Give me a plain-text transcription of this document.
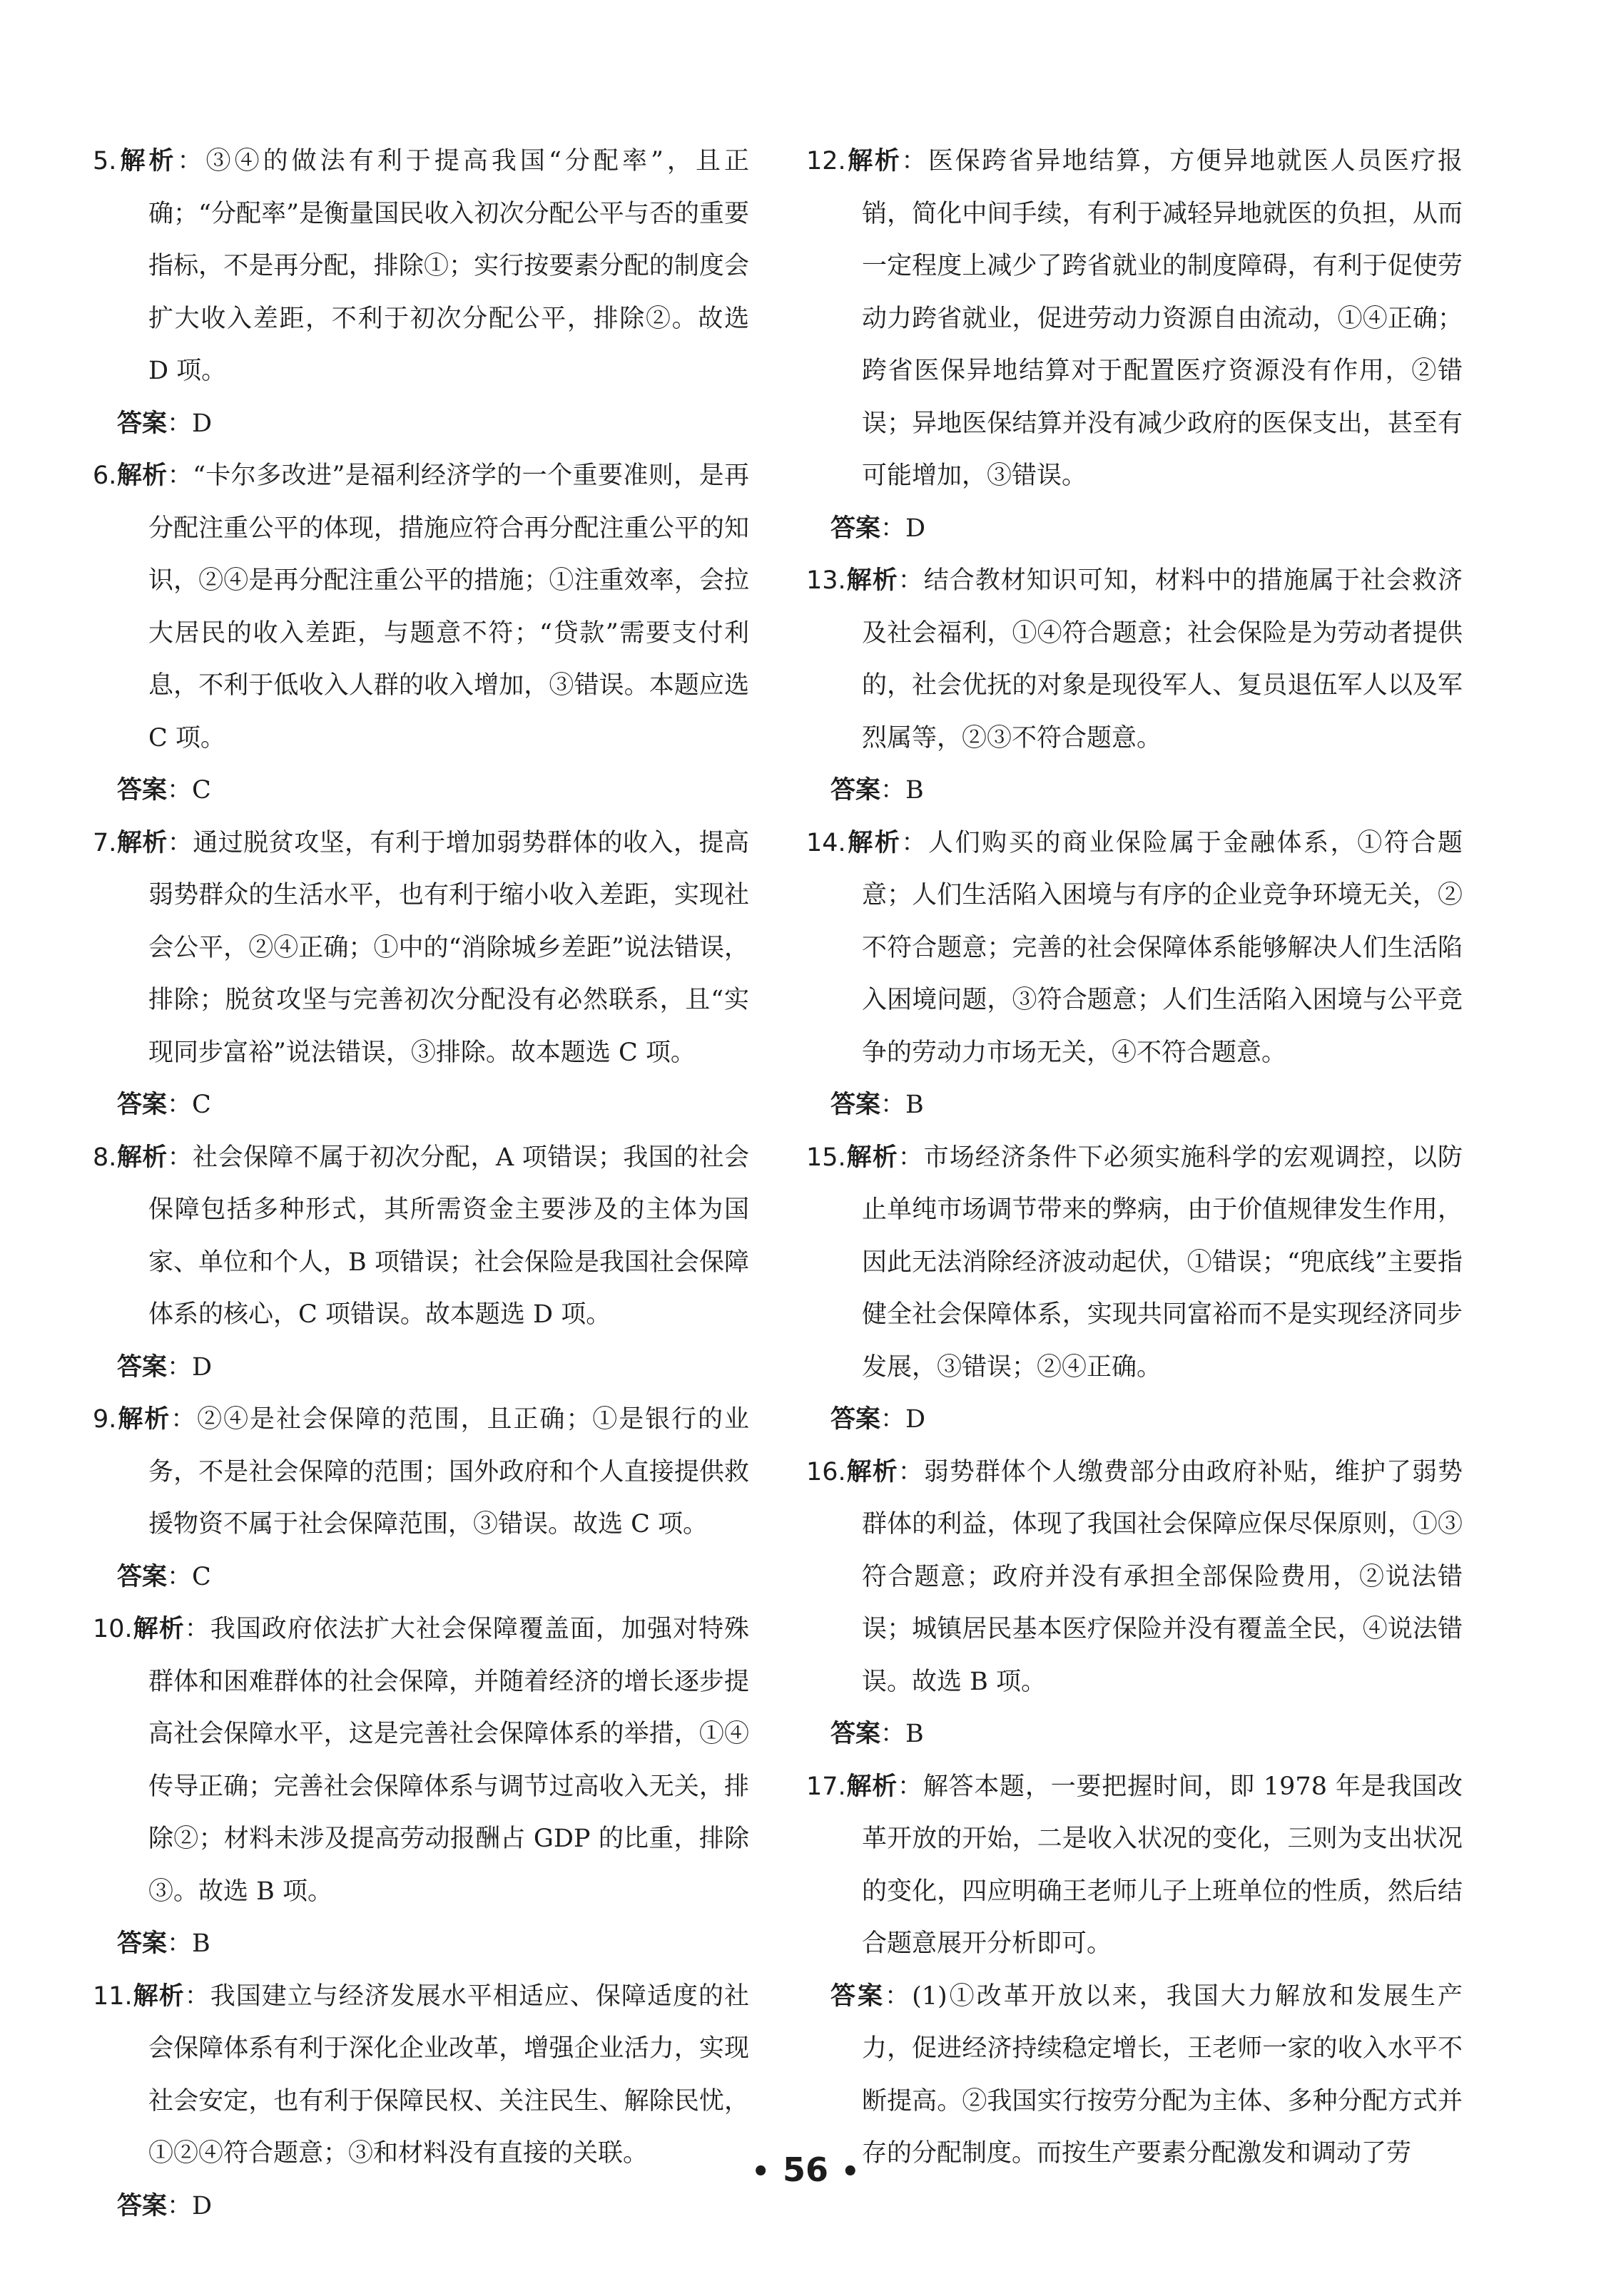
5.解析：③④的做法有利于提高我国“分配率”，且正确；“分配率”是衡量国民收入初次分配公平与否的重要指标，不是再分配，排除①；实行按要素分配的制度会扩大收入差距，不利于初次分配公平，排除②。故选 D 项。

答案：D

6.解析：“卡尔多改进”是福利经济学的一个重要准则，是再分配注重公平的体现，措施应符合再分配注重公平的知识，②④是再分配注重公平的措施；①注重效率，会拉大居民的收入差距，与题意不符；“贷款”需要支付利息，不利于低收入人群的收入增加，③错误。本题应选 C 项。

答案：C

7.解析：通过脱贫攻坚，有利于增加弱势群体的收入，提高弱势群众的生活水平，也有利于缩小收入差距，实现社会公平，②④正确；①中的“消除城乡差距”说法错误，排除；脱贫攻坚与完善初次分配没有必然联系，且“实现同步富裕”说法错误，③排除。故本题选 C 项。

答案：C

8.解析：社会保障不属于初次分配，A 项错误；我国的社会保障包括多种形式，其所需资金主要涉及的主体为国家、单位和个人，B 项错误；社会保险是我国社会保障体系的核心，C 项错误。故本题选 D 项。

答案：D

9.解析：②④是社会保障的范围，且正确；①是银行的业务，不是社会保障的范围；国外政府和个人直接提供救援物资不属于社会保障范围，③错误。故选 C 项。

答案：C

10.解析：我国政府依法扩大社会保障覆盖面，加强对特殊群体和困难群体的社会保障，并随着经济的增长逐步提高社会保障水平，这是完善社会保障体系的举措，①④传导正确；完善社会保障体系与调节过高收入无关，排除②；材料未涉及提高劳动报酬占 GDP 的比重，排除③。故选 B 项。

答案：B

11.解析：我国建立与经济发展水平相适应、保障适度的社会保障体系有利于深化企业改革，增强企业活力，实现社会安定，也有利于保障民权、关注民生、解除民忧，①②④符合题意；③和材料没有直接的关联。

答案：D

12.解析：医保跨省异地结算，方便异地就医人员医疗报销，简化中间手续，有利于减轻异地就医的负担，从而一定程度上减少了跨省就业的制度障碍，有利于促使劳动力跨省就业，促进劳动力资源自由流动，①④正确；跨省医保异地结算对于配置医疗资源没有作用，②错误；异地医保结算并没有减少政府的医保支出，甚至有可能增加，③错误。

答案：D

13.解析：结合教材知识可知，材料中的措施属于社会救济及社会福利，①④符合题意；社会保险是为劳动者提供的，社会优抚的对象是现役军人、复员退伍军人以及军烈属等，②③不符合题意。

答案：B

14.解析：人们购买的商业保险属于金融体系，①符合题意；人们生活陷入困境与有序的企业竞争环境无关，②不符合题意；完善的社会保障体系能够解决人们生活陷入困境问题，③符合题意；人们生活陷入困境与公平竞争的劳动力市场无关，④不符合题意。

答案：B

15.解析：市场经济条件下必须实施科学的宏观调控，以防止单纯市场调节带来的弊病，由于价值规律发生作用，因此无法消除经济波动起伏，①错误；“兜底线”主要指健全社会保障体系，实现共同富裕而不是实现经济同步发展，③错误；②④正确。

答案：D

16.解析：弱势群体个人缴费部分由政府补贴，维护了弱势群体的利益，体现了我国社会保障应保尽保原则，①③符合题意；政府并没有承担全部保险费用，②说法错误；城镇居民基本医疗保险并没有覆盖全民，④说法错误。故选 B 项。

答案：B

17.解析：解答本题，一要把握时间，即 1978 年是我国改革开放的开始，二是收入状况的变化，三则为支出状况的变化，四应明确王老师儿子上班单位的性质，然后结合题意展开分析即可。

答案：(1)①改革开放以来，我国大力解放和发展生产力，促进经济持续稳定增长，王老师一家的收入水平不断提高。②我国实行按劳分配为主体、多种分配方式并存的分配制度。而按生产要素分配激发和调动了劳

• 56 •
